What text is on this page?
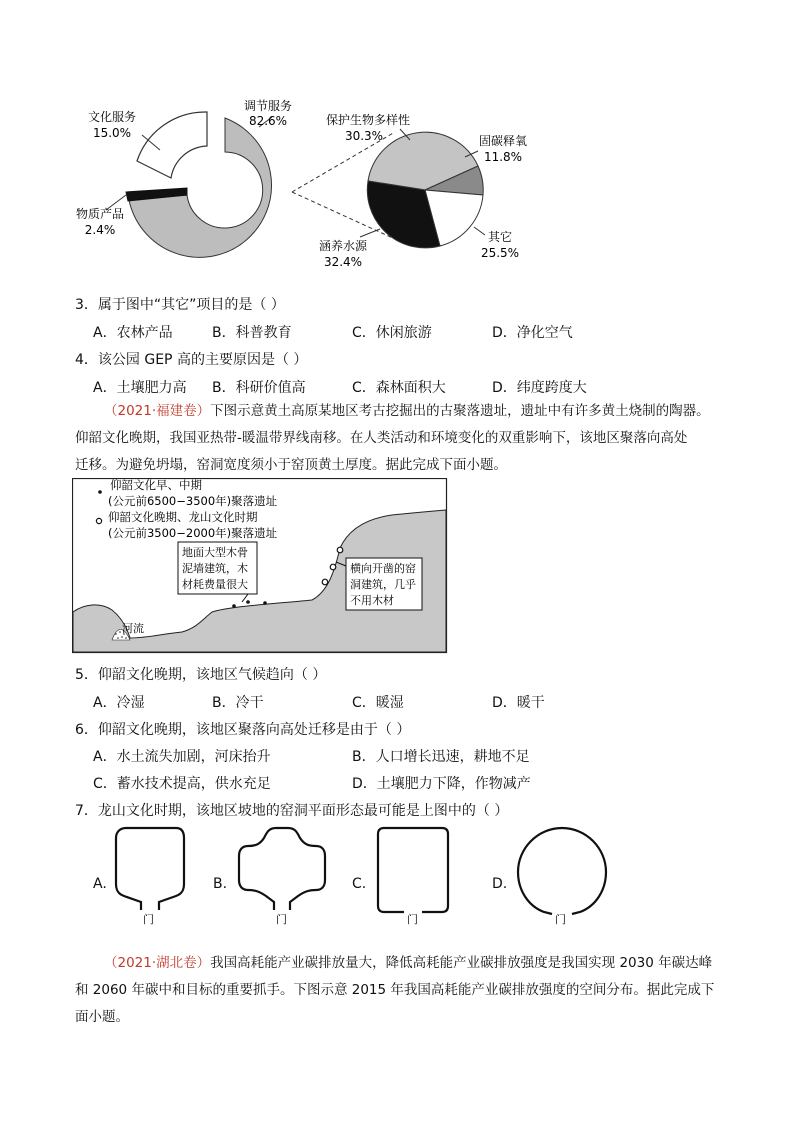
调节服务
82.6%
文化服务
15.0%
物质产品
2.4%
保护生物多样性
30.3%	固碳释氧
11.8%
其它
25.5%
涵养水源
32.4%
3．属于图中“其它”项目的是（ ）
A．农林产品	B．科普教育	C．休闲旅游	D．净化空气
4．该公园 GEP 高的主要原因是（ ）
A．土壤肥力高 B．科研价值高	C．森林面积大	D．纬度跨度大
（2021·福建卷）下图示意黄土高原某地区考古挖掘出的古聚落遗址，遗址中有许多黄土烧制的陶器。
仰韶文化晚期，我国亚热带-暖温带界线南移。在人类活动和环境变化的双重影响下，该地区聚落向高处
迁移。为避免坍塌，窑洞宽度须小于窑顶黄土厚度。据此完成下面小题。
仰韶文化早、中期
(公元前6500−3500年)聚落遗址
仰韶文化晚期、龙山文化时期
(公元前3500−2000年)聚落遗址
地面大型木骨
泥墙建筑，木
材耗费量很大
横向开凿的窑
洞建筑，几乎
不用木材
河流
5．仰韶文化晚期，该地区气候趋向（ ）
A．冷湿	B．冷干	C．暖湿	D．暖干
6．仰韶文化晚期，该地区聚落向高处迁移是由于（ ）
A．水土流失加剧，河床抬升	B．人口增长迅速，耕地不足
C．蓄水技术提高，供水充足	D．土壤肥力下降，作物减产
7．龙山文化时期，该地区坡地的窑洞平面形态最可能是上图中的（ ）
A.
门
B.
门
C.
门
D.
门
（2021·湖北卷）我国高耗能产业碳排放量大，降低高耗能产业碳排放强度是我国实现 2030 年碳达峰
和 2060 年碳中和目标的重要抓手。下图示意 2015 年我国高耗能产业碳排放强度的空间分布。据此完成下
面小题。
